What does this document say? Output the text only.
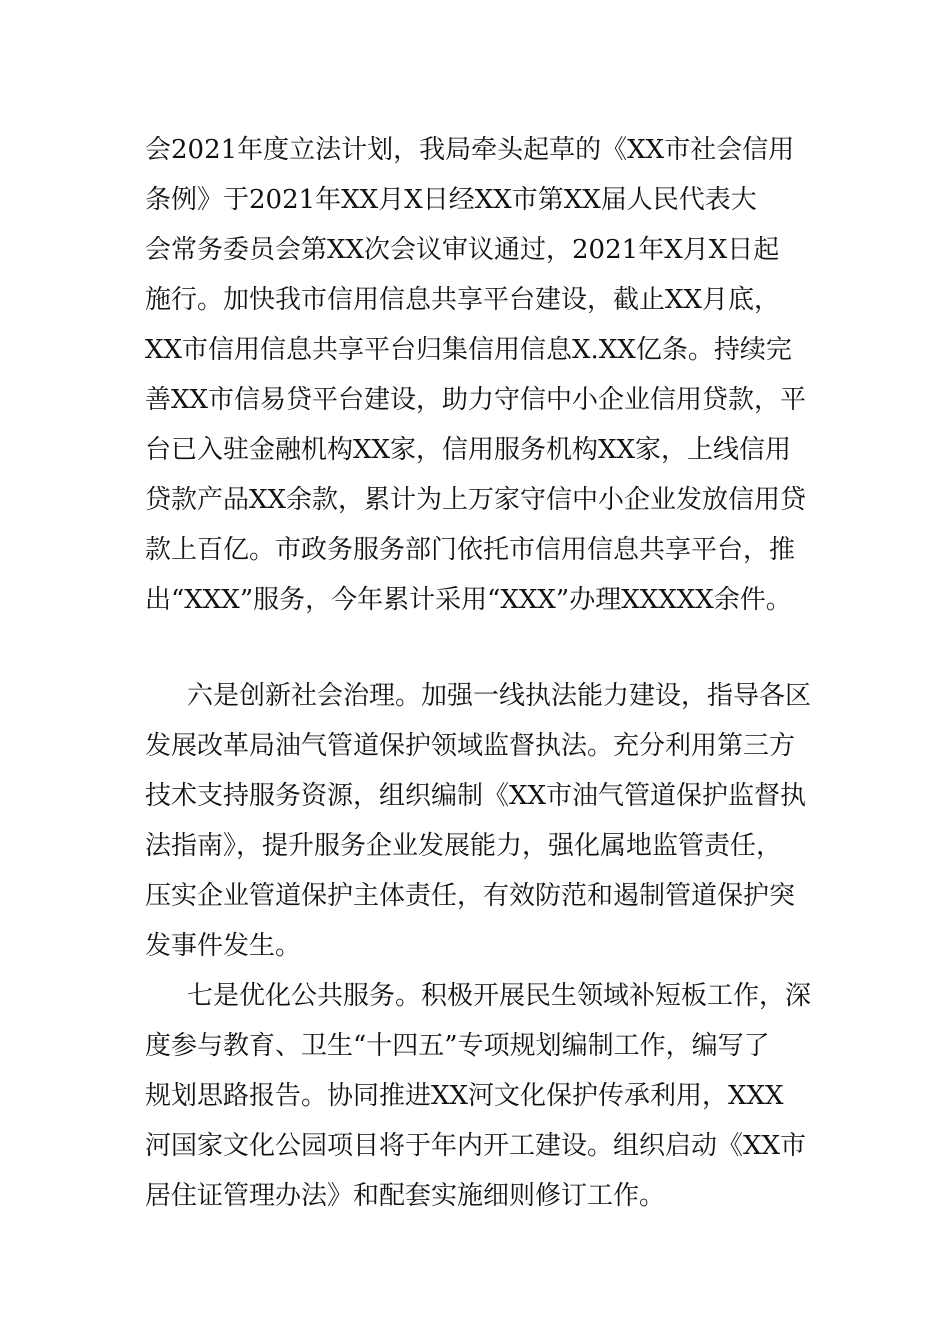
会2021年度立法计划，我局牵头起草的《XX市社会信用
条例》于2021年XX月X日经XX市第XX届人民代表大
会常务委员会第XX次会议审议通过，2021年X月X日起
施行。加快我市信用信息共享平台建设，截止XX月底，
XX市信用信息共享平台归集信用信息X.XX亿条。持续完
善XX市信易贷平台建设，助力守信中小企业信用贷款，平
台已入驻金融机构XX家，信用服务机构XX家，上线信用
贷款产品XX余款，累计为上万家守信中小企业发放信用贷
款上百亿。市政务服务部门依托市信用信息共享平台，推
出“XXX”服务，今年累计采用“XXX”办理XXXXX余件。
六是创新社会治理。加强一线执法能力建设，指导各区
发展改革局油气管道保护领域监督执法。充分利用第三方
技术支持服务资源，组织编制《XX市油气管道保护监督执
法指南》，提升服务企业发展能力，强化属地监管责任，
压实企业管道保护主体责任，有效防范和遏制管道保护突
发事件发生。
七是优化公共服务。积极开展民生领域补短板工作，深
度参与教育、卫生“十四五”专项规划编制工作，编写了
规划思路报告。协同推进XX河文化保护传承利用，XXX
河国家文化公园项目将于年内开工建设。组织启动《XX市
居住证管理办法》和配套实施细则修订工作。
